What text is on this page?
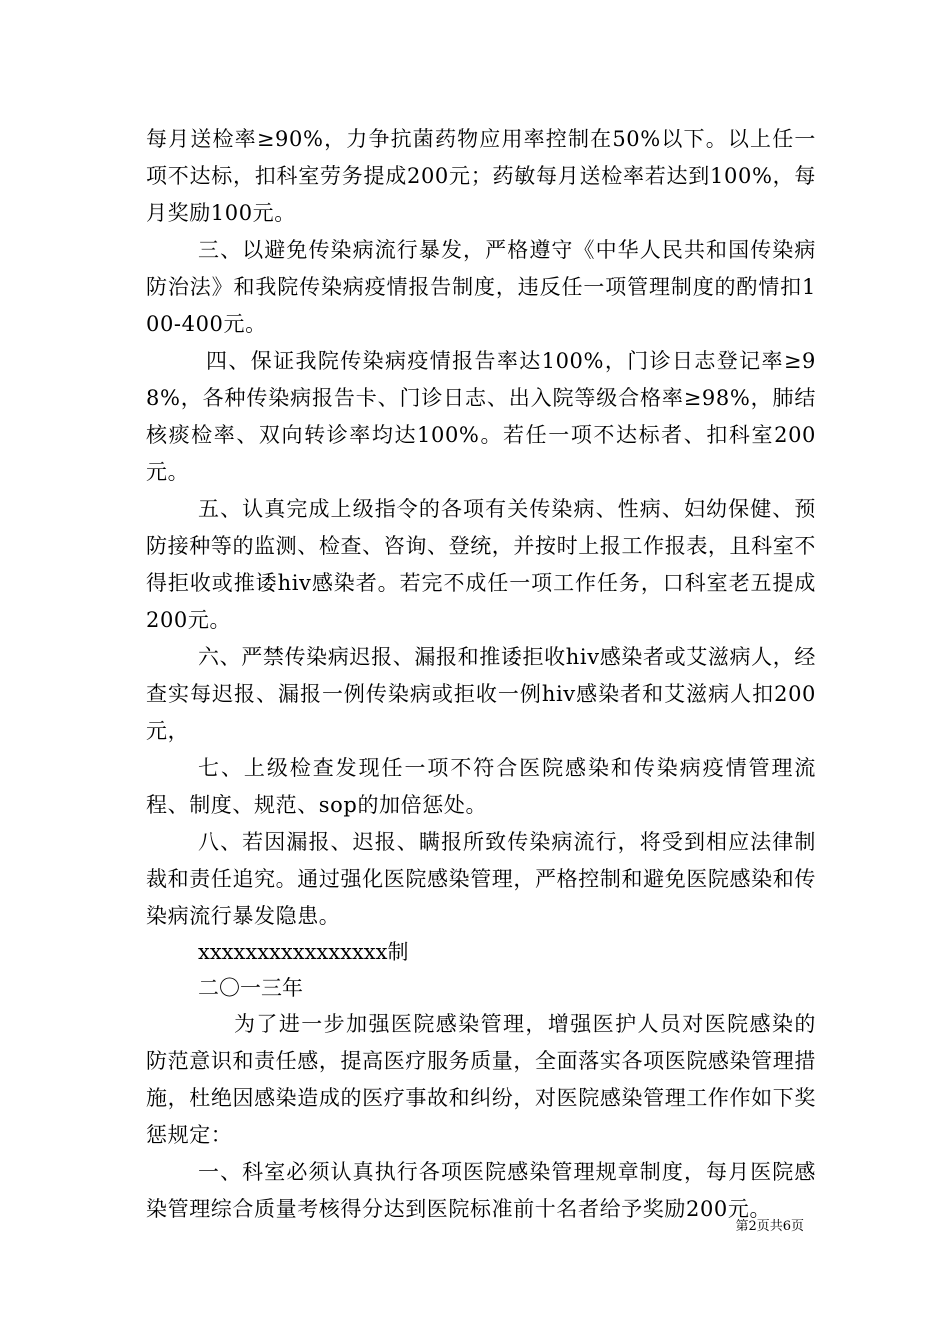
每月送检率≥90%，力争抗菌药物应用率控制在50%以下。以上任一项不达标，扣科室劳务提成200元；药敏每月送检率若达到100%，每月奖励100元。

三、以避免传染病流行暴发，严格遵守《中华人民共和国传染病防治法》和我院传染病疫情报告制度，违反任一项管理制度的酌情扣100-400元。

四、保证我院传染病疫情报告率达100%，门诊日志登记率≥98%，各种传染病报告卡、门诊日志、出入院等级合格率≥98%，肺结核痰检率、双向转诊率均达100%。若任一项不达标者、扣科室200元。

五、认真完成上级指令的各项有关传染病、性病、妇幼保健、预防接种等的监测、检查、咨询、登统，并按时上报工作报表，且科室不得拒收或推诿hiv感染者。若完不成任一项工作任务，口科室老五提成200元。

六、严禁传染病迟报、漏报和推诿拒收hiv感染者或艾滋病人，经查实每迟报、漏报一例传染病或拒收一例hiv感染者和艾滋病人扣200元，

七、上级检查发现任一项不符合医院感染和传染病疫情管理流程、制度、规范、sop的加倍惩处。

八、若因漏报、迟报、瞒报所致传染病流行，将受到相应法律制裁和责任追究。通过强化医院感染管理，严格控制和避免医院感染和传染病流行暴发隐患。

xxxxxxxxxxxxxxxx制

二〇一三年

为了进一步加强医院感染管理，增强医护人员对医院感染的防范意识和责任感，提高医疗服务质量，全面落实各项医院感染管理措施，杜绝因感染造成的医疗事故和纠纷，对医院感染管理工作作如下奖惩规定：

一、科室必须认真执行各项医院感染管理规章制度，每月医院感染管理综合质量考核得分达到医院标准前十名者给予奖励200元。

第2页共6页
